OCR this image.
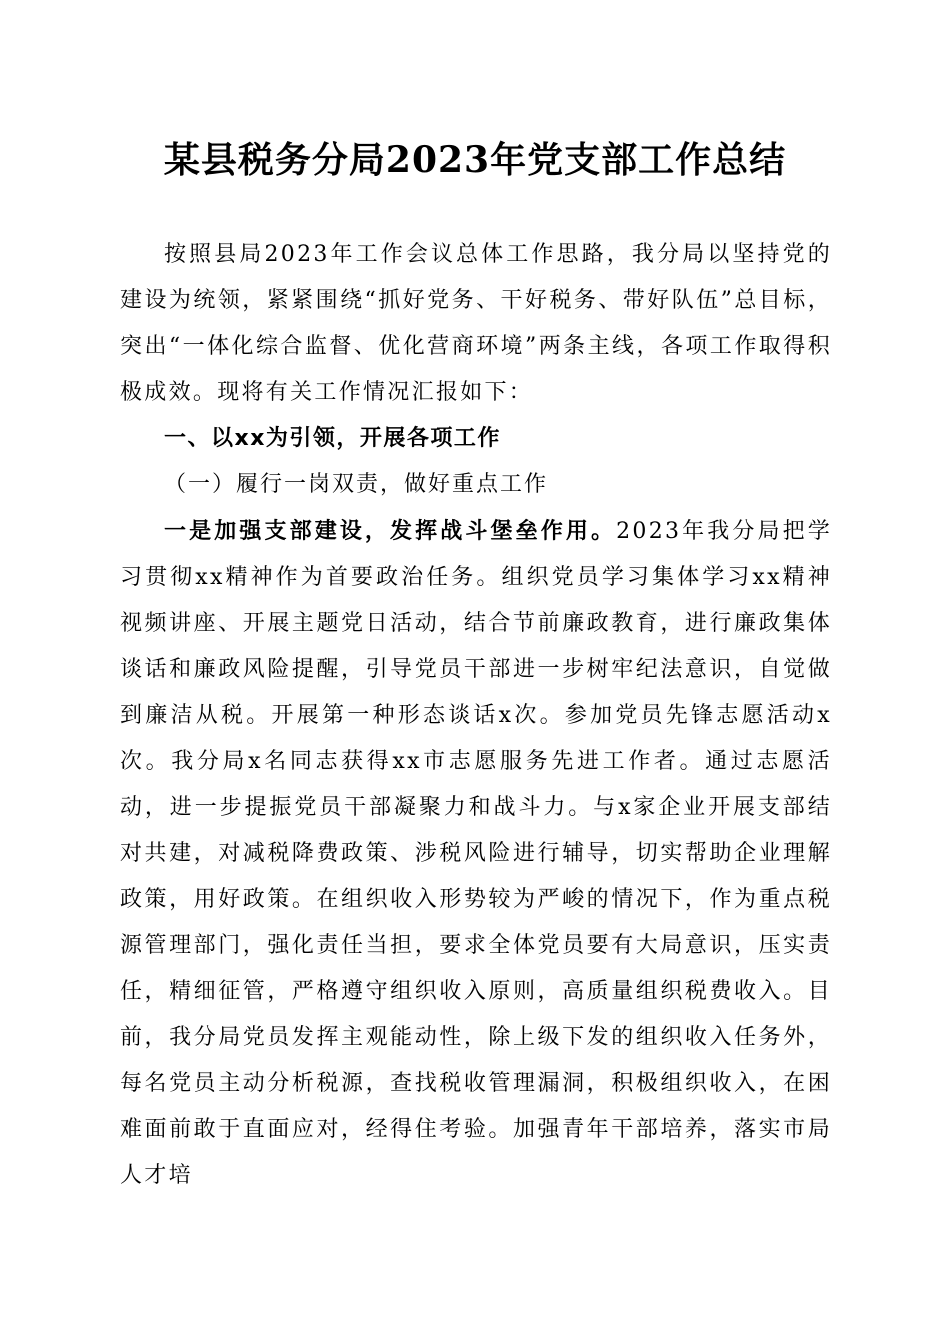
某县税务分局2023年党支部工作总结

按照县局2023年工作会议总体工作思路，我分局以坚持党的建设为统领，紧紧围绕“抓好党务、干好税务、带好队伍”总目标，突出“一体化综合监督、优化营商环境”两条主线，各项工作取得积极成效。现将有关工作情况汇报如下：

一、以xx为引领，开展各项工作

（一）履行一岗双责，做好重点工作

一是加强支部建设，发挥战斗堡垒作用。2023年我分局把学习贯彻xx精神作为首要政治任务。组织党员学习集体学习xx精神视频讲座、开展主题党日活动，结合节前廉政教育，进行廉政集体谈话和廉政风险提醒，引导党员干部进一步树牢纪法意识，自觉做到廉洁从税。开展第一种形态谈话x次。参加党员先锋志愿活动x次。我分局x名同志获得xx市志愿服务先进工作者。通过志愿活动，进一步提振党员干部凝聚力和战斗力。与x家企业开展支部结对共建，对减税降费政策、涉税风险进行辅导，切实帮助企业理解政策，用好政策。在组织收入形势较为严峻的情况下，作为重点税源管理部门，强化责任当担，要求全体党员要有大局意识，压实责任，精细征管，严格遵守组织收入原则，高质量组织税费收入。目前，我分局党员发挥主观能动性，除上级下发的组织收入任务外，每名党员主动分析税源，查找税收管理漏洞，积极组织收入，在困难面前敢于直面应对，经得住考验。加强青年干部培养，落实市局人才培
